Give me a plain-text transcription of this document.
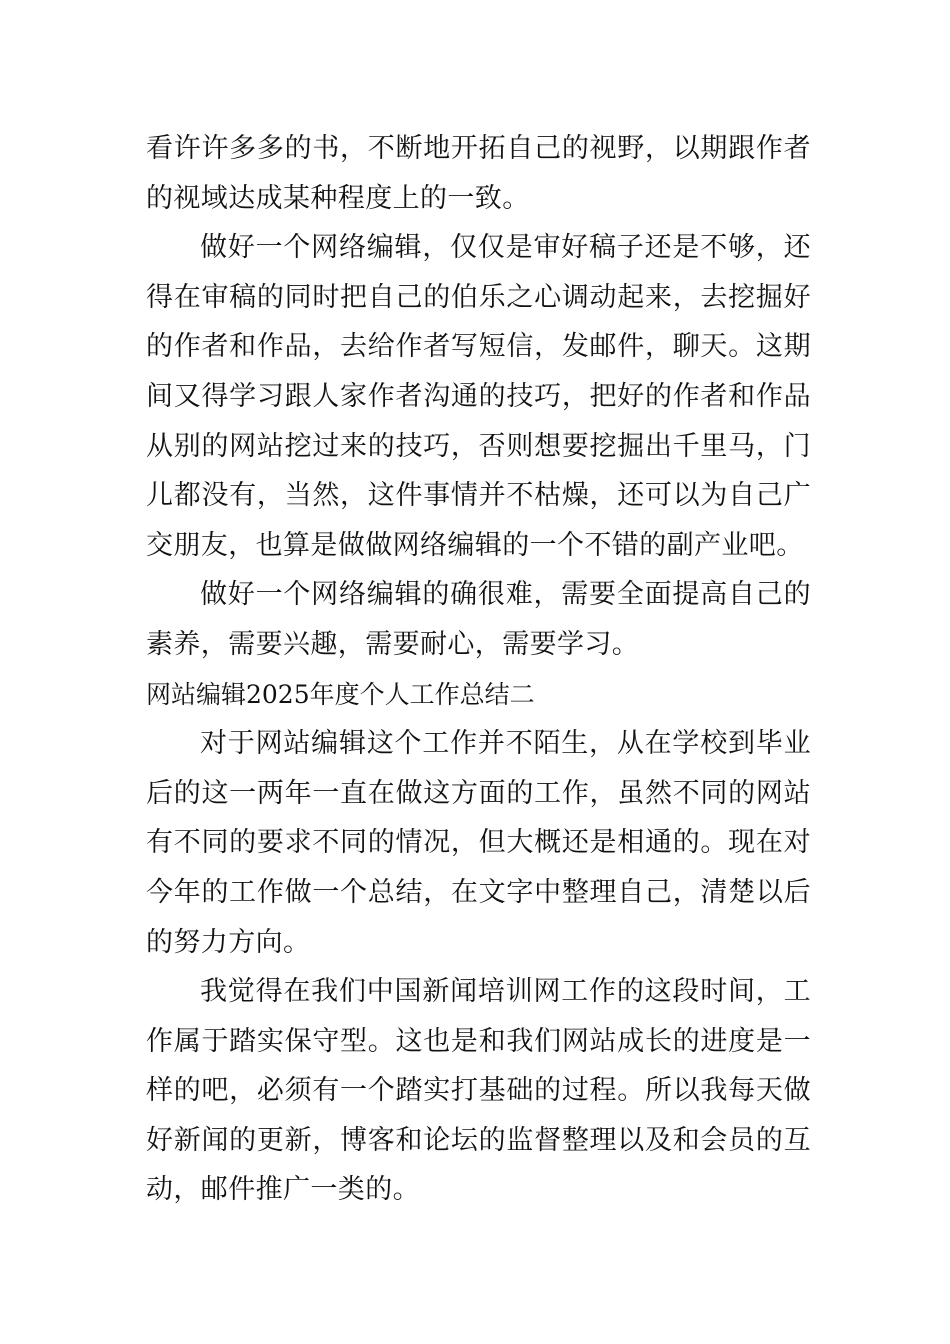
看许许多多的书，不断地开拓自己的视野，以期跟作者的视域达成某种程度上的一致。

做好一个网络编辑，仅仅是审好稿子还是不够，还得在审稿的同时把自己的伯乐之心调动起来，去挖掘好的作者和作品，去给作者写短信，发邮件，聊天。这期间又得学习跟人家作者沟通的技巧，把好的作者和作品从别的网站挖过来的技巧，否则想要挖掘出千里马，门儿都没有，当然，这件事情并不枯燥，还可以为自己广交朋友，也算是做做网络编辑的一个不错的副产业吧。

做好一个网络编辑的确很难，需要全面提高自己的素养，需要兴趣，需要耐心，需要学习。

网站编辑2025年度个人工作总结二

对于网站编辑这个工作并不陌生，从在学校到毕业后的这一两年一直在做这方面的工作，虽然不同的网站有不同的要求不同的情况，但大概还是相通的。现在对今年的工作做一个总结，在文字中整理自己，清楚以后的努力方向。

我觉得在我们中国新闻培训网工作的这段时间，工作属于踏实保守型。这也是和我们网站成长的进度是一样的吧，必须有一个踏实打基础的过程。所以我每天做好新闻的更新，博客和论坛的监督整理以及和会员的互动，邮件推广一类的。
